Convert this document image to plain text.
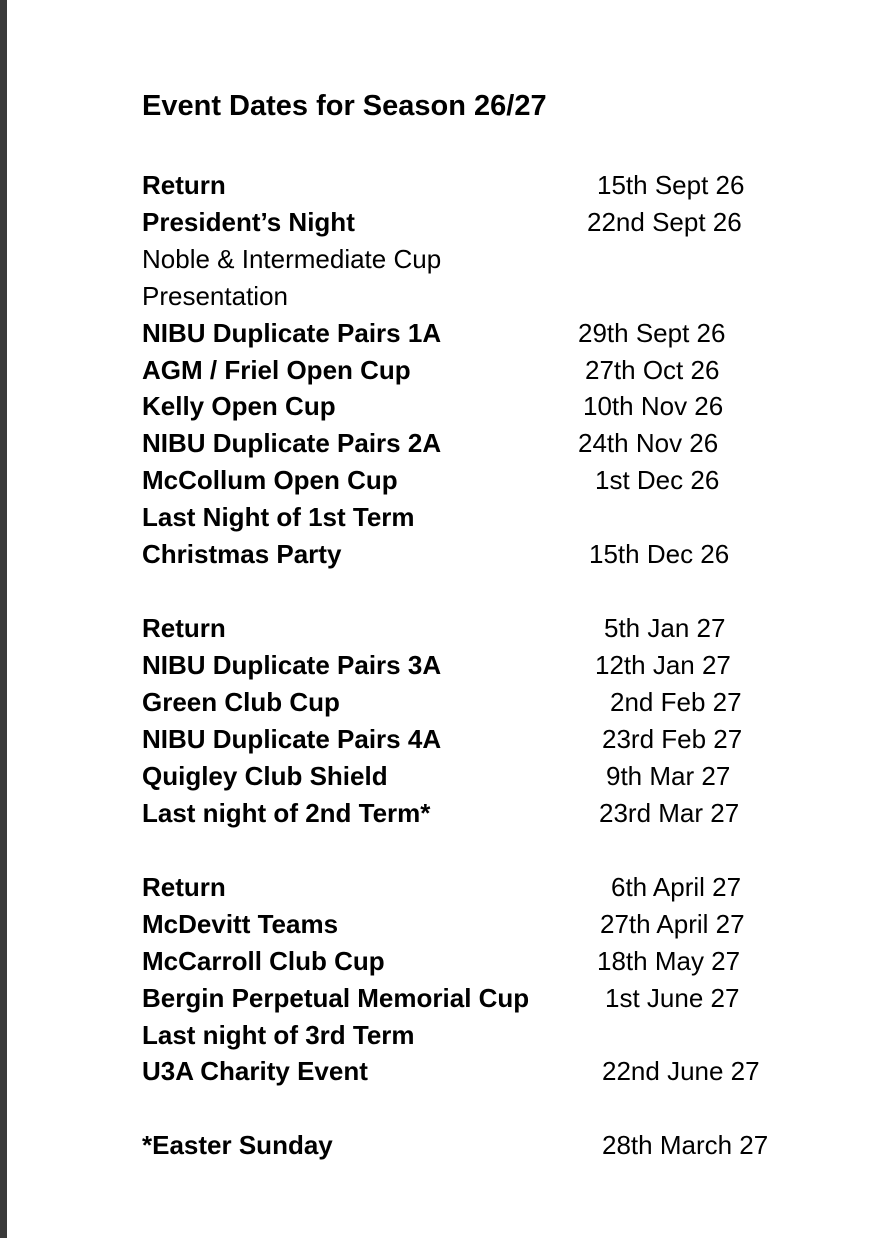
Event Dates for Season 26/27
Return	15th Sept 26
President’s Night	22nd Sept 26
Noble & Intermediate Cup
Presentation
NIBU Duplicate Pairs 1A	29th Sept 26
AGM / Friel Open Cup	27th Oct 26
Kelly Open Cup	10th Nov 26
NIBU Duplicate Pairs 2A	24th Nov 26
McCollum Open Cup	1st Dec 26
Last Night of 1st Term
Christmas Party	15th Dec 26
Return	5th Jan 27
NIBU Duplicate Pairs 3A	12th Jan 27
Green Club Cup	2nd Feb 27
NIBU Duplicate Pairs 4A	23rd Feb 27
Quigley Club Shield	9th Mar 27
Last night of 2nd Term*	23rd Mar 27
Return	6th April 27
McDevitt Teams	27th April 27
McCarroll Club Cup	18th May 27
Bergin Perpetual Memorial Cup	1st June 27
Last night of 3rd Term
U3A Charity Event	22nd June 27
*Easter Sunday	28th March 27
